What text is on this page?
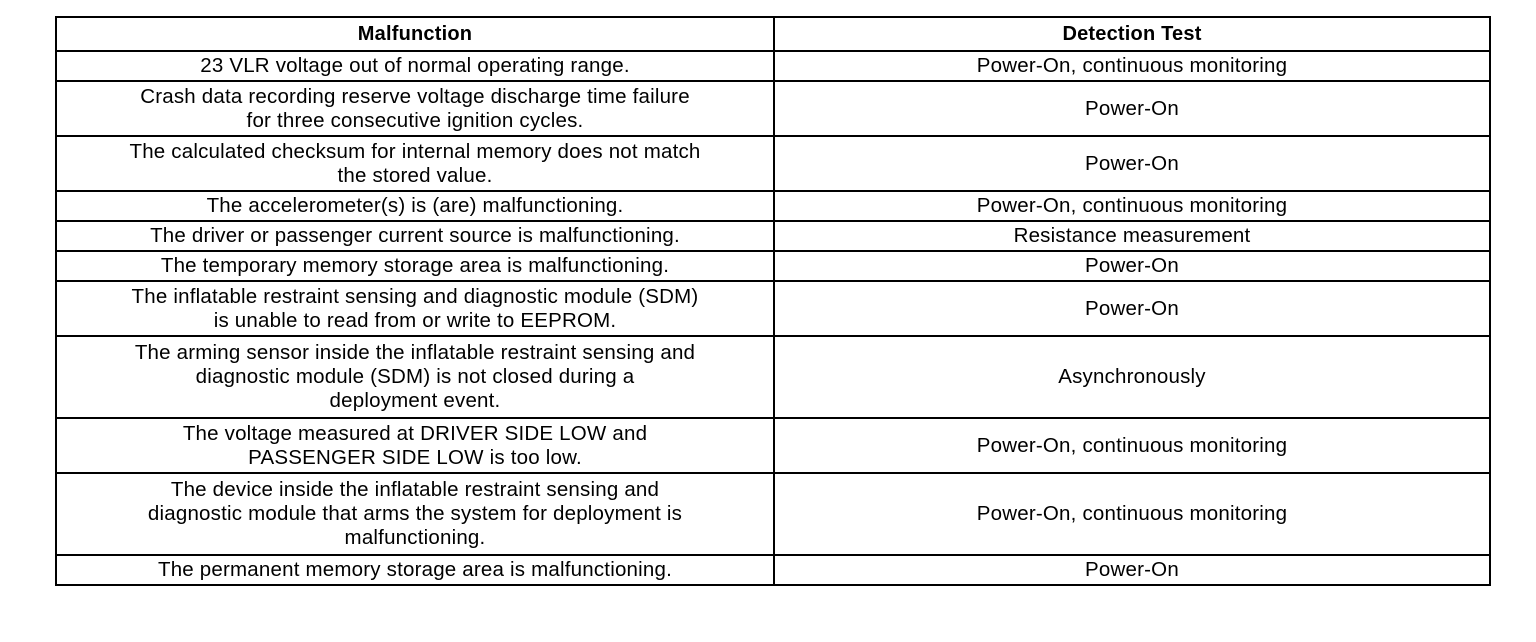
Malfunction	Detection Test
23 VLR voltage out of normal operating range.	Power-On, continuous monitoring
Crash data recording reserve voltage discharge time failure
for three consecutive ignition cycles.	Power-On
The calculated checksum for internal memory does not match
the stored value.	Power-On
The accelerometer(s) is (are) malfunctioning.	Power-On, continuous monitoring
The driver or passenger current source is malfunctioning.	Resistance measurement
The temporary memory storage area is malfunctioning.	Power-On
The inflatable restraint sensing and diagnostic module (SDM)
is unable to read from or write to EEPROM.	Power-On
The arming sensor inside the inflatable restraint sensing and
diagnostic module (SDM) is not closed during a
deployment event.	Asynchronously
The voltage measured at DRIVER SIDE LOW and
PASSENGER SIDE LOW is too low.	Power-On, continuous monitoring
The device inside the inflatable restraint sensing and
diagnostic module that arms the system for deployment is
malfunctioning.	Power-On, continuous monitoring
The permanent memory storage area is malfunctioning.	Power-On
